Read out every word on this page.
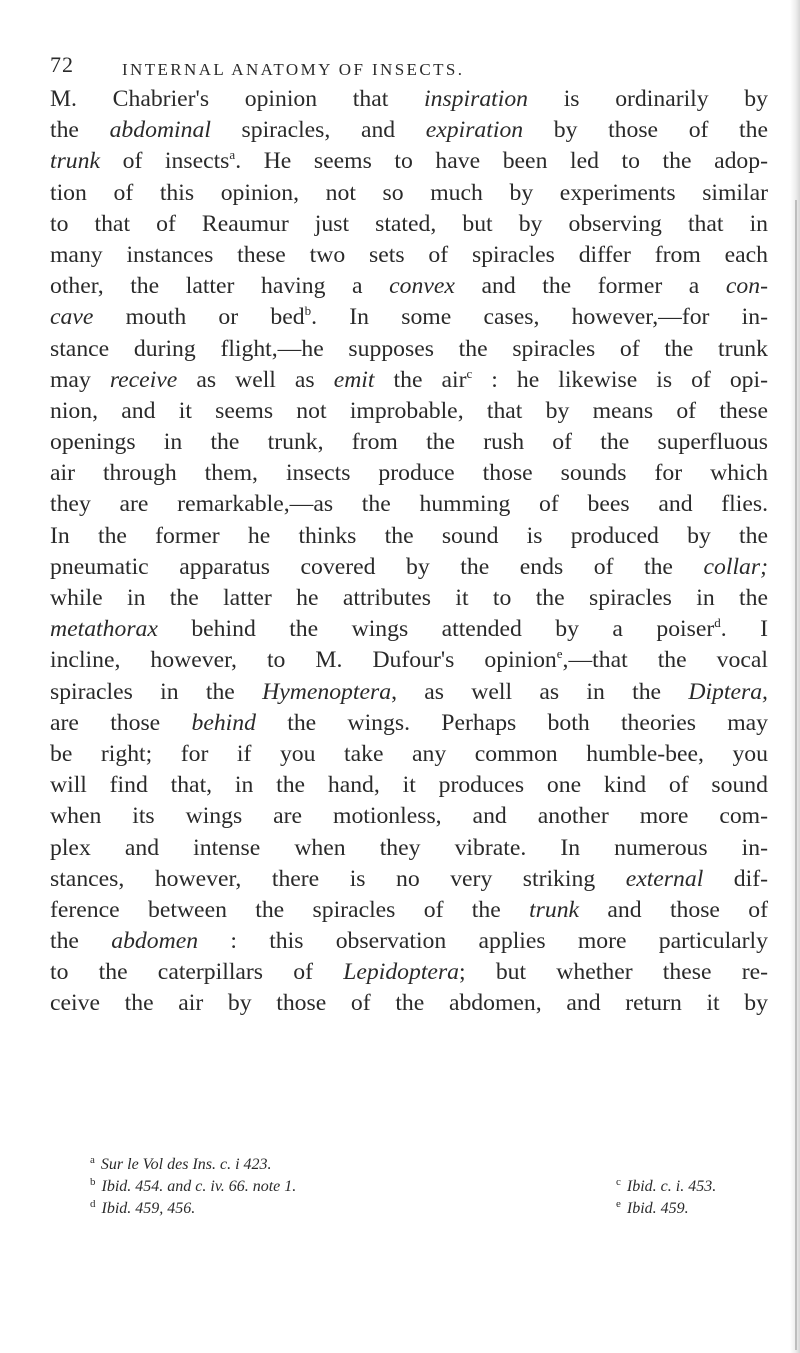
72	INTERNAL ANATOMY OF INSECTS.
M. Chabrier's opinion that inspiration is ordinarily by
the abdominal spiracles, and expiration by those of the
trunk of insects$^a$. He seems to have been led to the adop-
tion of this opinion, not so much by experiments similar
to that of Reaumur just stated, but by observing that in
many instances these two sets of spiracles differ from each
other, the latter having a convex and the former a con-
cave mouth or bed$^b$. In some cases, however,—for in-
stance during flight,—he supposes the spiracles of the trunk
may receive as well as emit the air$^c$ : he likewise is of opi-
nion, and it seems not improbable, that by means of these
openings in the trunk, from the rush of the superfluous
air through them, insects produce those sounds for which
they are remarkable,—as the humming of bees and flies.
In the former he thinks the sound is produced by the
pneumatic apparatus covered by the ends of the collar;
while in the latter he attributes it to the spiracles in the
metathorax behind the wings attended by a poiser$^d$. I
incline, however, to M. Dufour's opinion$^e$,—that the vocal
spiracles in the Hymenoptera, as well as in the Diptera,
are those behind the wings. Perhaps both theories may
be right; for if you take any common humble-bee, you
will find that, in the hand, it produces one kind of sound
when its wings are motionless, and another more com-
plex and intense when they vibrate. In numerous in-
stances, however, there is no very striking external dif-
ference between the spiracles of the trunk and those of
the abdomen : this observation applies more particularly
to the caterpillars of Lepidoptera; but whether these re-
ceive the air by those of the abdomen, and return it by
$^a$ Sur le Vol des Ins. c. i 423.
$^b$ Ibid. 454. and c. iv. 66. note 1.	$^c$ Ibid. c. i. 453.
$^d$ Ibid. 459, 456.	$^e$ Ibid. 459.
